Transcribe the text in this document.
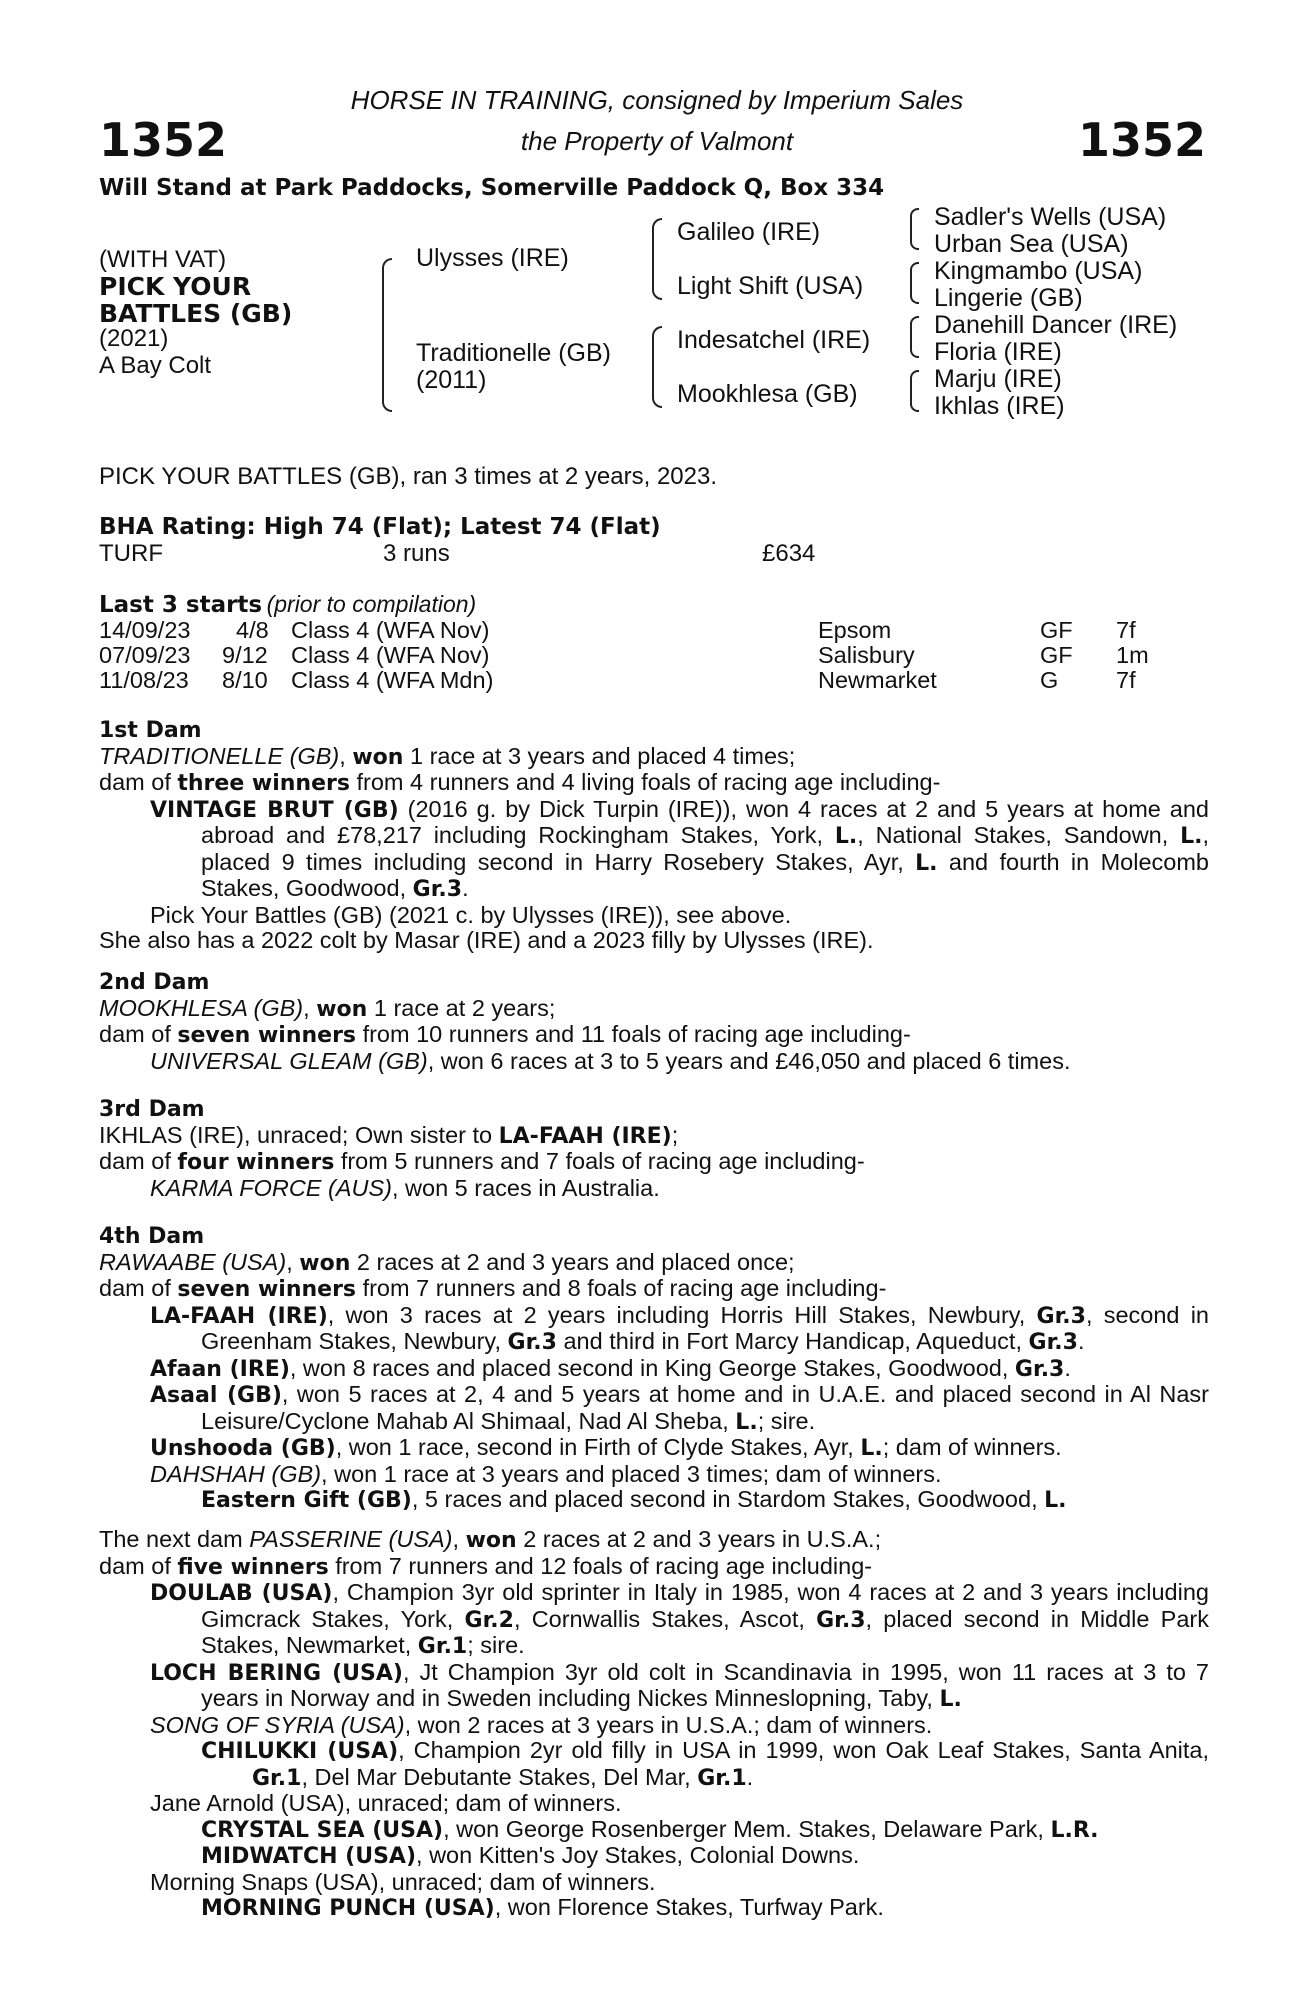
1352	1352
HORSE IN TRAINING, consigned by Imperium Sales
the Property of Valmont
Will Stand at Park Paddocks, Somerville Paddock Q, Box 334
(WITH VAT)
PICK YOUR
BATTLES (GB)
(2021)
A Bay Colt
Ulysses (IRE)
Traditionelle (GB)
(2011)
Galileo (IRE)
Light Shift (USA)
Indesatchel (IRE)
Mookhlesa (GB)
Sadler's Wells (USA)
Urban Sea (USA)
Kingmambo (USA)
Lingerie (GB)
Danehill Dancer (IRE)
Floria (IRE)
Marju (IRE)
Ikhlas (IRE)
PICK YOUR BATTLES (GB), ran 3 times at 2 years, 2023.
BHA Rating: High 74 (Flat); Latest 74 (Flat)
TURF	3 runs	£634
Last 3 starts (prior to compilation)
14/09/23 4/8 Class 4 (WFA Nov)	Epsom	GF 7f
07/09/23 9/12 Class 4 (WFA Nov)	Salisbury	GF 1m
11/08/23 8/10 Class 4 (WFA Mdn)	Newmarket	G 7f
1st Dam
TRADITIONELLE (GB), won 1 race at 3 years and placed 4 times;
dam of three winners from 4 runners and 4 living foals of racing age including-
VINTAGE BRUT (GB) (2016 g. by Dick Turpin (IRE)), won 4 races at 2 and 5 years at home and abroad and £78,217 including Rockingham Stakes, York, L., National Stakes, Sandown, L., placed 9 times including second in Harry Rosebery Stakes, Ayr, L. and fourth in Molecomb Stakes, Goodwood, Gr.3.
Pick Your Battles (GB) (2021 c. by Ulysses (IRE)), see above.
She also has a 2022 colt by Masar (IRE) and a 2023 filly by Ulysses (IRE).
2nd Dam
MOOKHLESA (GB), won 1 race at 2 years;
dam of seven winners from 10 runners and 11 foals of racing age including-
UNIVERSAL GLEAM (GB), won 6 races at 3 to 5 years and £46,050 and placed 6 times.
3rd Dam
IKHLAS (IRE), unraced; Own sister to LA-FAAH (IRE);
dam of four winners from 5 runners and 7 foals of racing age including-
KARMA FORCE (AUS), won 5 races in Australia.
4th Dam
RAWAABE (USA), won 2 races at 2 and 3 years and placed once;
dam of seven winners from 7 runners and 8 foals of racing age including-
LA-FAAH (IRE), won 3 races at 2 years including Horris Hill Stakes, Newbury, Gr.3, second in Greenham Stakes, Newbury, Gr.3 and third in Fort Marcy Handicap, Aqueduct, Gr.3.
Afaan (IRE), won 8 races and placed second in King George Stakes, Goodwood, Gr.3.
Asaal (GB), won 5 races at 2, 4 and 5 years at home and in U.A.E. and placed second in Al Nasr Leisure/Cyclone Mahab Al Shimaal, Nad Al Sheba, L.; sire.
Unshooda (GB), won 1 race, second in Firth of Clyde Stakes, Ayr, L.; dam of winners.
DAHSHAH (GB), won 1 race at 3 years and placed 3 times; dam of winners.
Eastern Gift (GB), 5 races and placed second in Stardom Stakes, Goodwood, L.
The next dam PASSERINE (USA), won 2 races at 2 and 3 years in U.S.A.;
dam of five winners from 7 runners and 12 foals of racing age including-
DOULAB (USA), Champion 3yr old sprinter in Italy in 1985, won 4 races at 2 and 3 years including Gimcrack Stakes, York, Gr.2, Cornwallis Stakes, Ascot, Gr.3, placed second in Middle Park Stakes, Newmarket, Gr.1; sire.
LOCH BERING (USA), Jt Champion 3yr old colt in Scandinavia in 1995, won 11 races at 3 to 7 years in Norway and in Sweden including Nickes Minneslopning, Taby, L.
SONG OF SYRIA (USA), won 2 races at 3 years in U.S.A.; dam of winners.
CHILUKKI (USA), Champion 2yr old filly in USA in 1999, won Oak Leaf Stakes, Santa Anita, Gr.1, Del Mar Debutante Stakes, Del Mar, Gr.1.
Jane Arnold (USA), unraced; dam of winners.
CRYSTAL SEA (USA), won George Rosenberger Mem. Stakes, Delaware Park, L.R.
MIDWATCH (USA), won Kitten's Joy Stakes, Colonial Downs.
Morning Snaps (USA), unraced; dam of winners.
MORNING PUNCH (USA), won Florence Stakes, Turfway Park.
